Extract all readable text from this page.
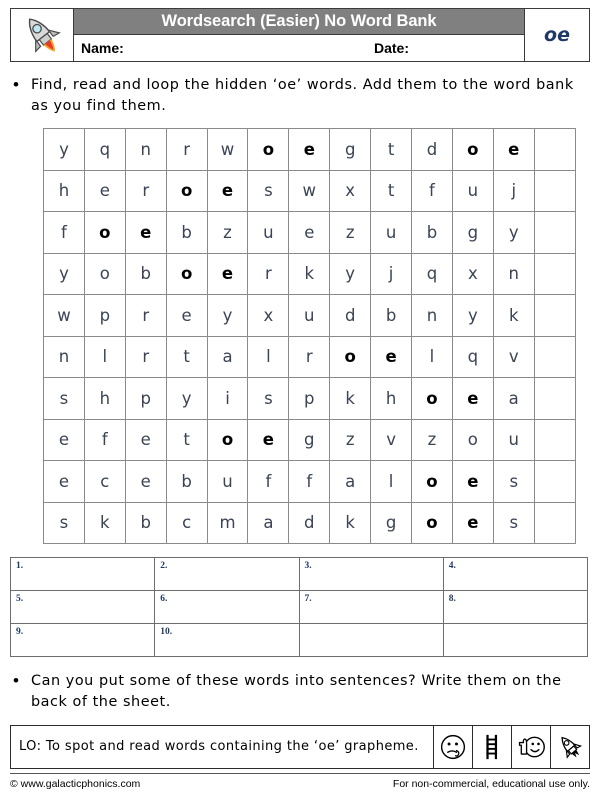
Wordsearch (Easier) No Word Bank
Name:	Date:
oe
• Find, read and loop the hidden ‘oe’ words. Add them to the word bank as you find them.
y	q	n	r	w	o	e	g	t	d	o	e	
h	e	r	o	e	s	w	x	t	f	u	j	
f	o	e	b	z	u	e	z	u	b	g	y	
y	o	b	o	e	r	k	y	j	q	x	n	
w	p	r	e	y	x	u	d	b	n	y	k	
n	l	r	t	a	l	r	o	e	l	q	v	
s	h	p	y	i	s	p	k	h	o	e	a	
e	f	e	t	o	e	g	z	v	z	o	u	
e	c	e	b	u	f	f	a	l	o	e	s	
s	k	b	c	m	a	d	k	g	o	e	s	
1.	2.	3.	4.
5.	6.	7.	8.
9.	10.		
• Can you put some of these words into sentences? Write them on the back of the sheet.
LO: To spot and read words containing the ‘oe’ grapheme.
© www.galacticphonics.com	For non-commercial, educational use only.
